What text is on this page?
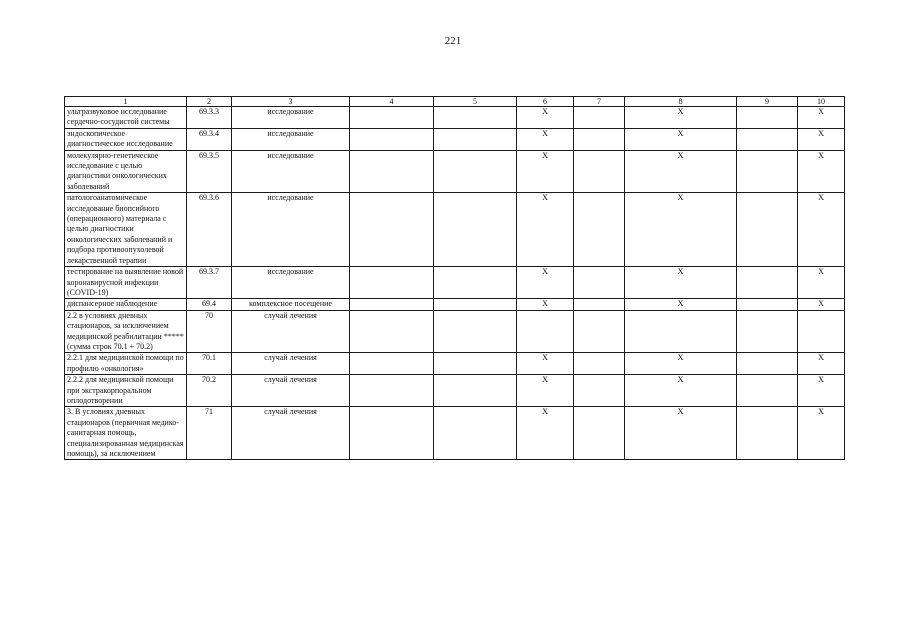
221
1	2	3	4	5	6	7	8	9	10
ультразвуковое исследование сердечно-сосудистой системы	69.3.3	исследование			X		X		X
эндоскопическое диагностическое исследование	69.3.4	исследование			X		X		X
молекулярно-генетическое исследование с целью диагностики онкологических заболеваний	69.3.5	исследование			X		X		X
патологоанатомическое исследование биопсийного (операционного) материала с целью диагностики онкологических заболеваний и подбора противоопухолевой лекарственной терапии	69.3.6	исследование			X		X		X
тестирование на выявление новой коронавирусной инфекции (COVID-19)	69.3.7	исследование			X		X		X
диспансерное наблюдение	69.4	комплексное посещение			X		X		X
2.2 в условиях дневных стационаров, за исключением медицинской реабилитации ***** (сумма строк 70.1 + 70.2)	70	случай лечения							
2.2.1 для медицинской помощи по профилю «онкология»	70.1	случай лечения			X		X		X
2.2.2 для медицинской помощи при экстракорпоральном оплодотворении	70.2	случай лечения			X		X		X
3. В условиях дневных стационаров (первичная медико-санитарная помощь, специализированная медицинская помощь), за исключением	71	случай лечения			X		X		X
